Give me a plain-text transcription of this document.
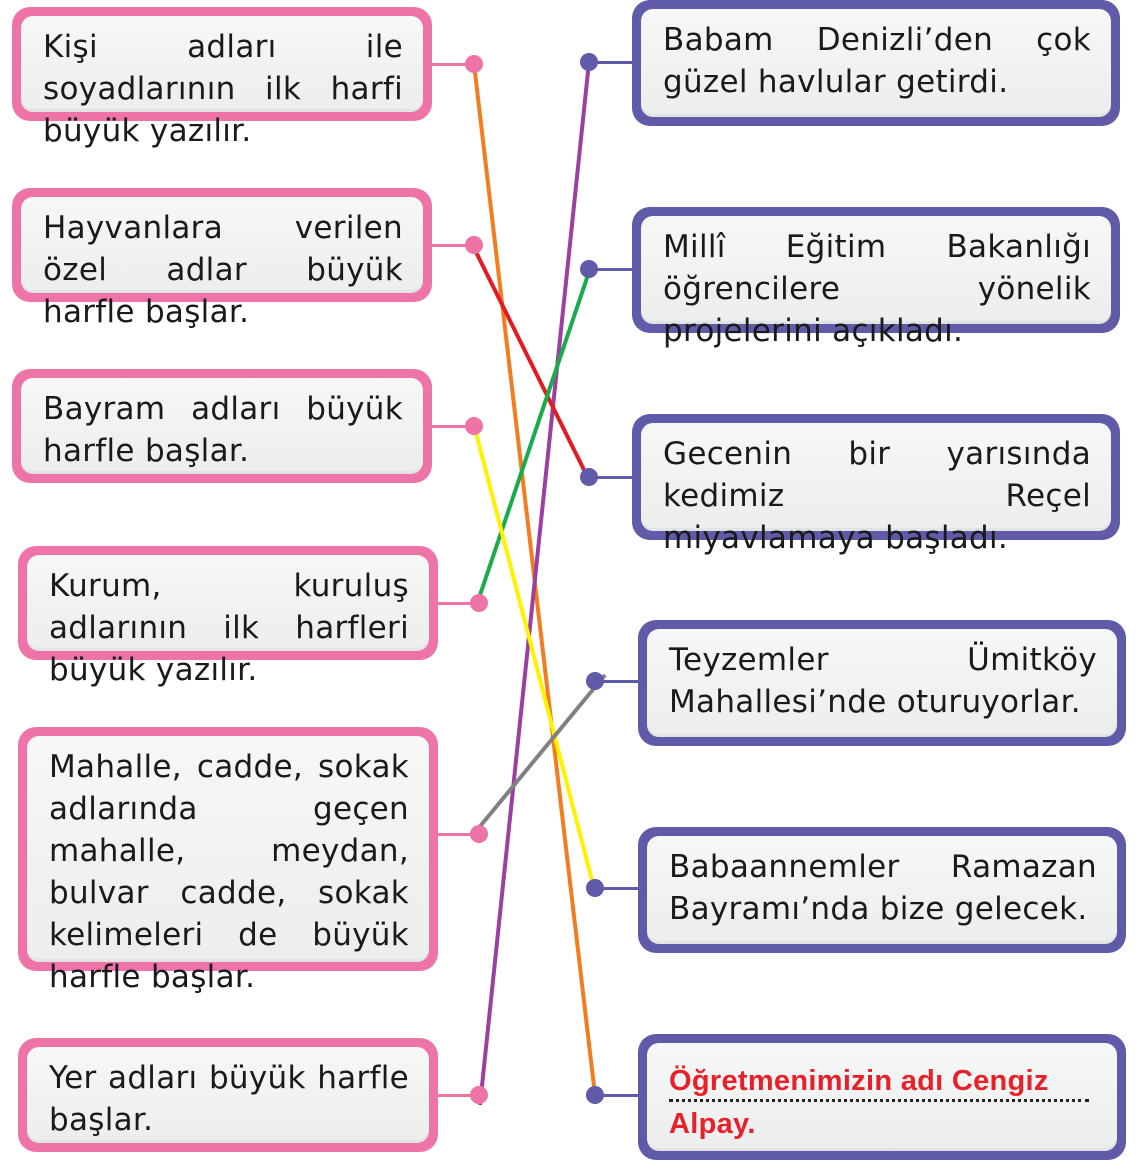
Kişi adları ile soyadlarının ilk harfi büyük yazılır.
Hayvanlara verilen özel adlar büyük harfle başlar.
Bayram adları büyük harfle başlar.
Kurum, kuruluş adlarının ilk harfleri büyük yazılır.
Mahalle, cadde, sokak adlarında geçen mahalle, meydan, bulvar cadde, sokak kelimeleri de büyük harfle başlar.
Yer adları büyük harfle başlar.
Babam Denizli’den çok güzel havlular getirdi.
Millî Eğitim Bakanlığı öğrencilere yönelik projelerini açıkladı.
Gecenin bir yarısında kedimiz Reçel miyavlamaya başladı.
Teyzemler Ümitköy Mahallesi’nde oturuyorlar.
Babaannemler Ramazan Bayramı’nda bize gelecek.
Öğretmenimizin adı Cengiz
Alpay.
